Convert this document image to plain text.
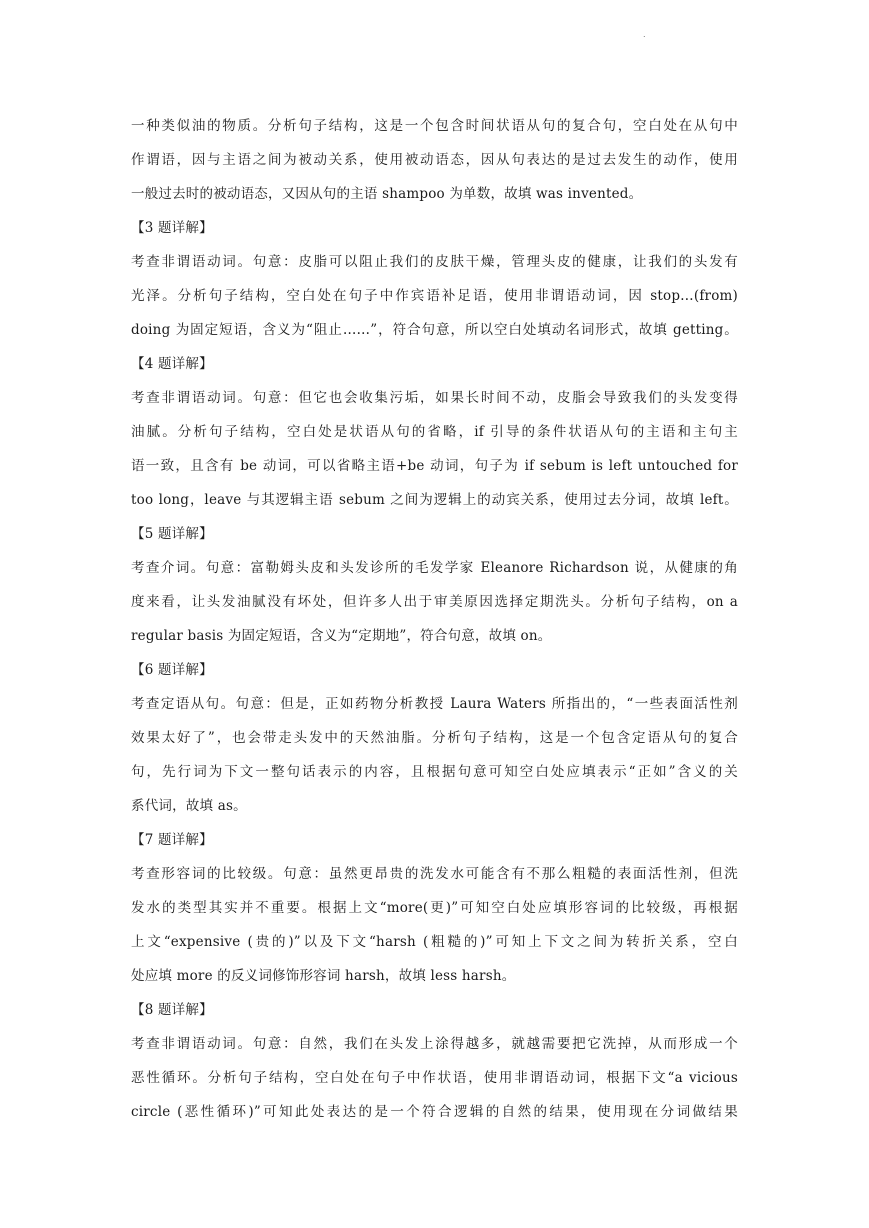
.
一种类似油的物质。分析句子结构，这是一个包含时间状语从句的复合句，空白处在从句中
作谓语，因与主语之间为被动关系，使用被动语态，因从句表达的是过去发生的动作，使用
一般过去时的被动语态，又因从句的主语 shampoo 为单数，故填 was invented。
【3 题详解】
考查非谓语动词。句意：皮脂可以阻止我们的皮肤干燥，管理头皮的健康，让我们的头发有
光泽。分析句子结构，空白处在句子中作宾语补足语，使用非谓语动词，因 stop…(from)
doing 为固定短语，含义为“阻止……”，符合句意，所以空白处填动名词形式，故填 getting。
【4 题详解】
考查非谓语动词。句意：但它也会收集污垢，如果长时间不动，皮脂会导致我们的头发变得
油腻。分析句子结构，空白处是状语从句的省略，if 引导的条件状语从句的主语和主句主
语一致，且含有 be 动词，可以省略主语+be 动词，句子为 if sebum is left untouched for
too long，leave 与其逻辑主语 sebum 之间为逻辑上的动宾关系，使用过去分词，故填 left。
【5 题详解】
考查介词。句意：富勒姆头皮和头发诊所的毛发学家 Eleanore Richardson 说，从健康的角
度来看，让头发油腻没有坏处，但许多人出于审美原因选择定期洗头。分析句子结构，on a
regular basis 为固定短语，含义为“定期地”，符合句意，故填 on。
【6 题详解】
考查定语从句。句意：但是，正如药物分析教授 Laura Waters 所指出的，“一些表面活性剂
效果太好了”，也会带走头发中的天然油脂。分析句子结构，这是一个包含定语从句的复合
句，先行词为下文一整句话表示的内容，且根据句意可知空白处应填表示“正如”含义的关
系代词，故填 as。
【7 题详解】
考查形容词的比较级。句意：虽然更昂贵的洗发水可能含有不那么粗糙的表面活性剂，但洗
发水的类型其实并不重要。根据上文“more(更)”可知空白处应填形容词的比较级，再根据
上文“expensive (贵的)”以及下文“harsh (粗糙的)”可知上下文之间为转折关系，空白
处应填 more 的反义词修饰形容词 harsh，故填 less harsh。
【8 题详解】
考查非谓语动词。句意：自然，我们在头发上涂得越多，就越需要把它洗掉，从而形成一个
恶性循环。分析句子结构，空白处在句子中作状语，使用非谓语动词，根据下文“a vicious
circle (恶性循环)”可知此处表达的是一个符合逻辑的自然的结果，使用现在分词做结果
